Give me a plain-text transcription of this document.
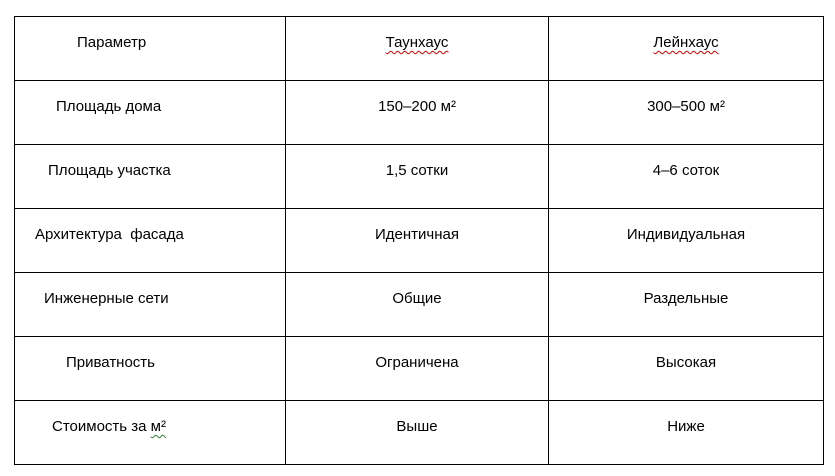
Параметр	Таунхаус	Лейнхаус

Площадь дома	150–200 м²	300–500 м²

Площадь участка	1,5 сотки	4–6 соток

Архитектура  фасада	Идентичная	Индивидуальная

Инженерные сети	Общие	Раздельные

Приватность	Ограничена	Высокая

Стоимость за м²	Выше	Ниже
